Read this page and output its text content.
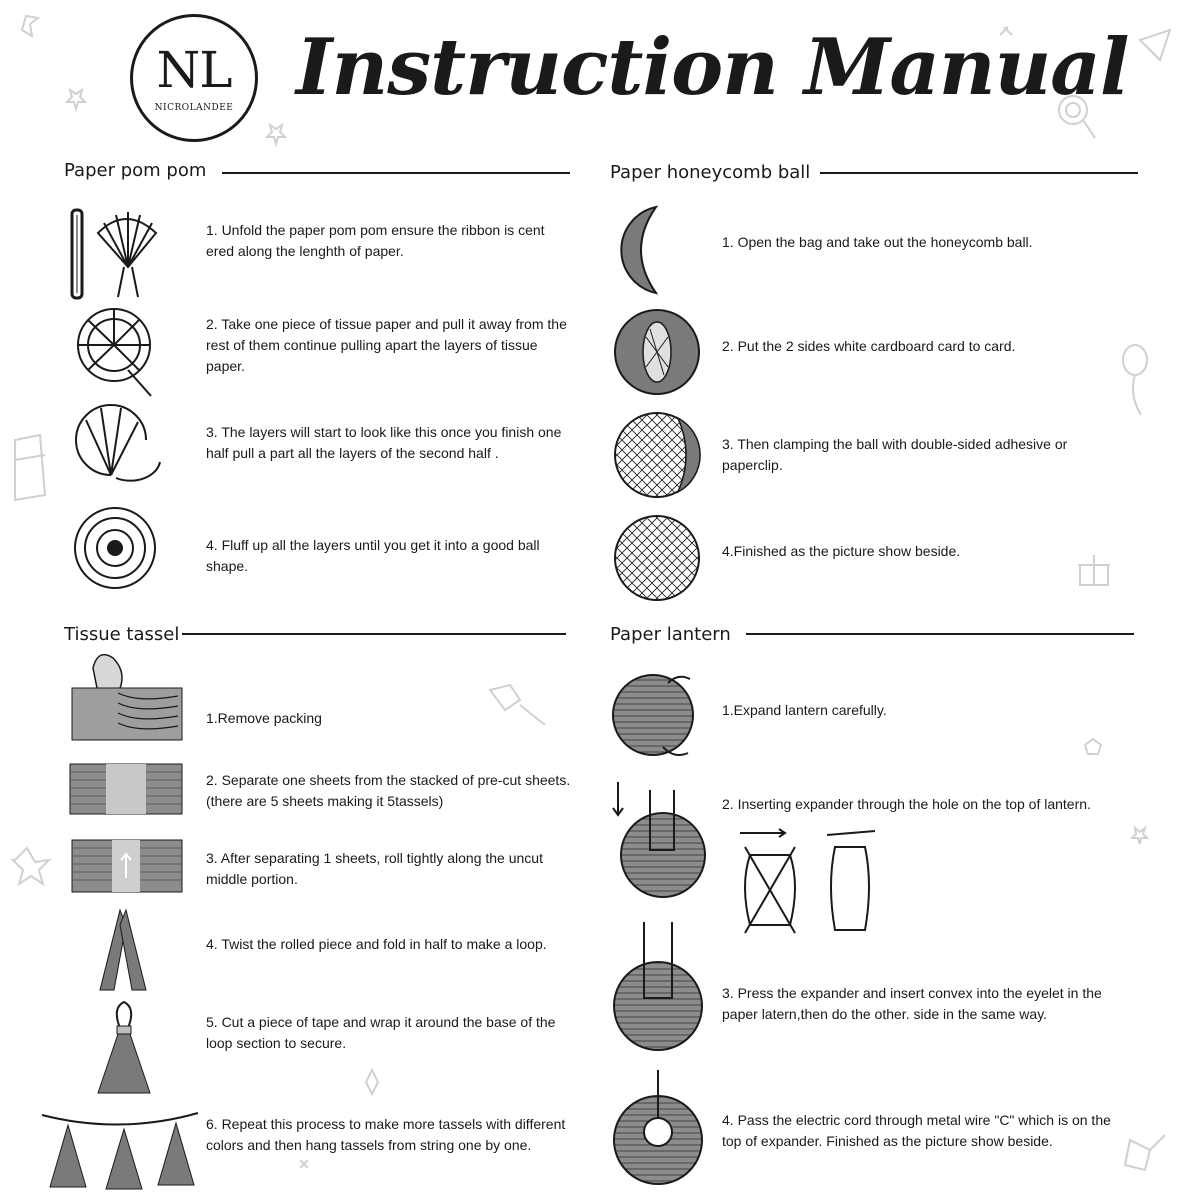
NL
NICROLANDEE Instruction Manual
Paper pom pom
1. Unfold the paper pom pom ensure the ribbon is cent ered along the lenghth of paper.
2. Take one piece of tissue paper and pull it away from the rest of them continue pulling apart the layers of tissue paper.
3. The layers will start to look like this once you finish one half pull a part all the layers of the second half .
4. Fluff up all the layers until you get it into a good ball shape.
Paper honeycomb ball
1. Open the bag and take out the honeycomb ball.
2. Put the 2 sides white cardboard card to card.
3. Then clamping the ball with double-sided adhesive or paperclip.
4.Finished as the picture show beside.
Tissue tassel
1.Remove packing
2. Separate one sheets from the stacked of pre-cut sheets.(there are 5 sheets making it 5tassels)
3. After separating 1 sheets, roll tightly along the uncut middle portion.
4. Twist the rolled piece and fold in half to make a loop.
5. Cut a piece of tape and wrap it around the base of the loop section to secure.
6. Repeat this process to make more tassels with different colors and then hang tassels from string one by one.
Paper lantern
1.Expand lantern carefully.
2. Inserting expander through the hole on the top of lantern.
3. Press the expander and insert convex into the eyelet in the paper latern,then do the other. side in the same way.
4. Pass the electric cord through metal wire "C" which is on the top of expander. Finished as the picture show beside.
